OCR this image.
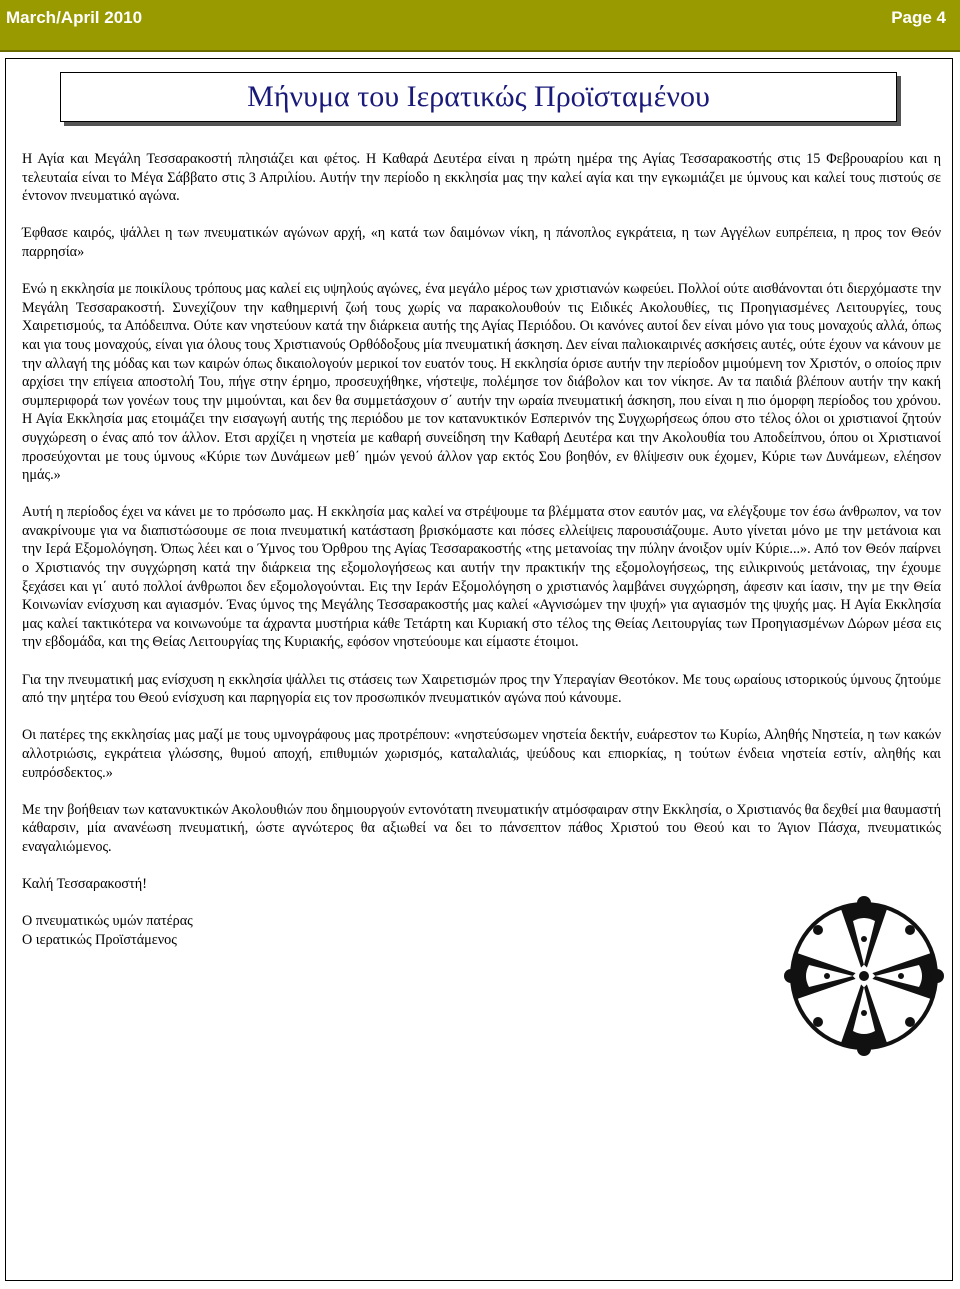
March/April 2010	Page 4
Μήνυμα του Ιερατικώς Προϊσταμένου

Η Αγία και Μεγάλη Τεσσαρακοστή πλησιάζει και φέτος. Η Καθαρά Δευτέρα είναι η πρώτη ημέρα της Αγίας Τεσσαρακοστής στις 15 Φεβρουαρίου και η τελευταία είναι το Μέγα Σάββατο στις 3 Απριλίου. Αυτήν την περίοδο η εκκλησία μας την καλεί αγία και την εγκωμιάζει με ύμνους και καλεί τους πιστούς σε έντονον πνευματικό αγώνα.

Έφθασε καιρός, ψάλλει η των πνευματικών αγώνων αρχή, «η κατά των δαιμόνων νίκη, η πάνοπλος εγκράτεια, η των Αγγέλων ευπρέπεια, η προς τον Θεόν παρρησία»

Ενώ η εκκλησία με ποικίλους τρόπους μας καλεί εις υψηλούς αγώνες, ένα μεγάλο μέρος των χριστιανών κωφεύει. Πολλοί ούτε αισθάνονται ότι διερχόμαστε την Μεγάλη Τεσσαρακοστή. Συνεχίζουν την καθημερινή ζωή τους χωρίς να παρακολουθούν τις Ειδικές Ακολουθίες, τις Προηγιασμένες Λειτουργίες, τους Χαιρετισμούς, τα Απόδειπνα. Ούτε καν νηστεύουν κατά την διάρκεια αυτής της Αγίας Περιόδου. Οι κανόνες αυτοί δεν είναι μόνο για τους μοναχούς αλλά, όπως και για τους μοναχούς, είναι για όλους τους Χριστιανούς Ορθόδοξους μία πνευματική άσκηση. Δεν είναι παλιοκαιρινές ασκήσεις αυτές, ούτε έχουν να κάνουν με την αλλαγή της μόδας και των καιρών όπως δικαιολογούν μερικοί τον ευατόν τους. Η εκκλησία όρισε αυτήν την περίοδον μιμούμενη τον Χριστόν, ο οποίος πριν αρχίσει την επίγεια αποστολή Του, πήγε στην έρημο, προσευχήθηκε, νήστεψε, πολέμησε τον διάβολον και τον νίκησε. Αν τα παιδιά βλέπουν αυτήν την κακή συμπεριφορά των γονέων τους την μιμούνται, και δεν θα συμμετάσχουν σ΄ αυτήν την ωραία πνευματική άσκηση, που είναι η πιο όμορφη περίοδος του χρόνου. Η Αγία Εκκλησία μας ετοιμάζει την εισαγωγή αυτής της περιόδου με τον κατανυκτικόν Εσπερινόν της Συγχωρήσεως όπου στο τέλος όλοι οι χριστιανοί ζητούν συγχώρεση ο ένας από τον άλλον. Ετσι αρχίζει η νηστεία με καθαρή συνείδηση την Καθαρή Δευτέρα και την Ακολουθία του Αποδείπνου, όπου οι Χριστιανοί προσεύχονται με τους ύμνους «Κύριε των Δυνάμεων μεθ΄ ημών γενού άλλον γαρ εκτός Σου βοηθόν, εν θλίψεσιν ουκ έχομεν, Κύριε των Δυνάμεων, ελέησον ημάς.»

Αυτή η περίοδος έχει να κάνει με το πρόσωπο μας. Η εκκλησία μας καλεί να στρέψουμε τα βλέμματα στον εαυτόν μας, να ελέγξουμε τον έσω άνθρωπον, να τον ανακρίνουμε για να διαπιστώσουμε σε ποια πνευματική κατάσταση βρισκόμαστε και πόσες ελλείψεις παρουσιάζουμε. Αυτο γίνεται μόνο με την μετάνοια και την Ιερά Εξομολόγηση. Όπως λέει και ο Ύμνος του Όρθρου της Αγίας Τεσσαρακοστής «της μετανοίας την πύλην άνοιξον υμίν Κύριε...». Από τον Θεόν παίρνει ο Χριστιανός την συγχώρηση κατά την διάρκεια της εξομολογήσεως και αυτήν την πρακτικήν της εξομολογήσεως, της ειλικρινούς μετάνοιας, την έχουμε ξεχάσει και γι΄ αυτό πολλοί άνθρωποι δεν εξομολογούνται. Εις την Ιεράν Εξομολόγηση ο χριστιανός λαμβάνει συγχώρηση, άφεσιν και ίασιν, την με την Θεία Κοινωνίαν ενίσχυση και αγιασμόν. Ένας ύμνος της Μεγάλης Τεσσαρακοστής μας καλεί «Αγνισώμεν την ψυχή» για αγιασμόν της ψυχής μας. Η Αγία Εκκλησία μας καλεί τακτικότερα να κοινωνούμε τα άχραντα μυστήρια κάθε Τετάρτη και Κυριακή στο τέλος της Θείας Λειτουργίας των Προηγιασμένων Δώρων μέσα εις την εβδομάδα, και της Θείας Λειτουργίας της Κυριακής, εφόσον νηστεύουμε και είμαστε έτοιμοι.

Για την πνευματική μας ενίσχυση η εκκλησία ψάλλει τις στάσεις των Χαιρετισμών προς την Υπεραγίαν Θεοτόκον. Με τους ωραίους ιστορικούς ύμνους ζητούμε από την μητέρα του Θεού ενίσχυση και παρηγορία εις τον προσωπικόν πνευματικόν αγώνα πού κάνουμε.

Οι πατέρες της εκκλησίας μας μαζί με τους υμνογράφους μας προτρέπουν: «νηστεύσωμεν νηστεία δεκτήν, ευάρεστον τω Κυρίω, Αληθής Νηστεία, η των κακών αλλοτριώσις, εγκράτεια γλώσσης, θυμού αποχή, επιθυμιών χωρισμός, καταλαλιάς, ψεύδους και επιορκίας, η τούτων ένδεια νηστεία εστίν, αληθής και ευπρόσδεκτος.»

Με την βοήθειαν των κατανυκτικών Ακολουθιών που δημιουργούν εντονότατη πνευματικήν ατμόσφαιραν στην Εκκλησία, ο Χριστιανός θα δεχθεί μια θαυμαστή κάθαρσιν, μία ανανέωση πνευματική, ώστε αγνώτερος θα αξιωθεί να δει το πάνσεπτον πάθος Χριστού του Θεού και το Άγιον Πάσχα, πνευματικώς εναγαλιώμενος.

Καλή Τεσσαρακοστή!
Ο πνευματικώς υμών πατέρας
Ο ιερατικώς Προϊστάμενος
